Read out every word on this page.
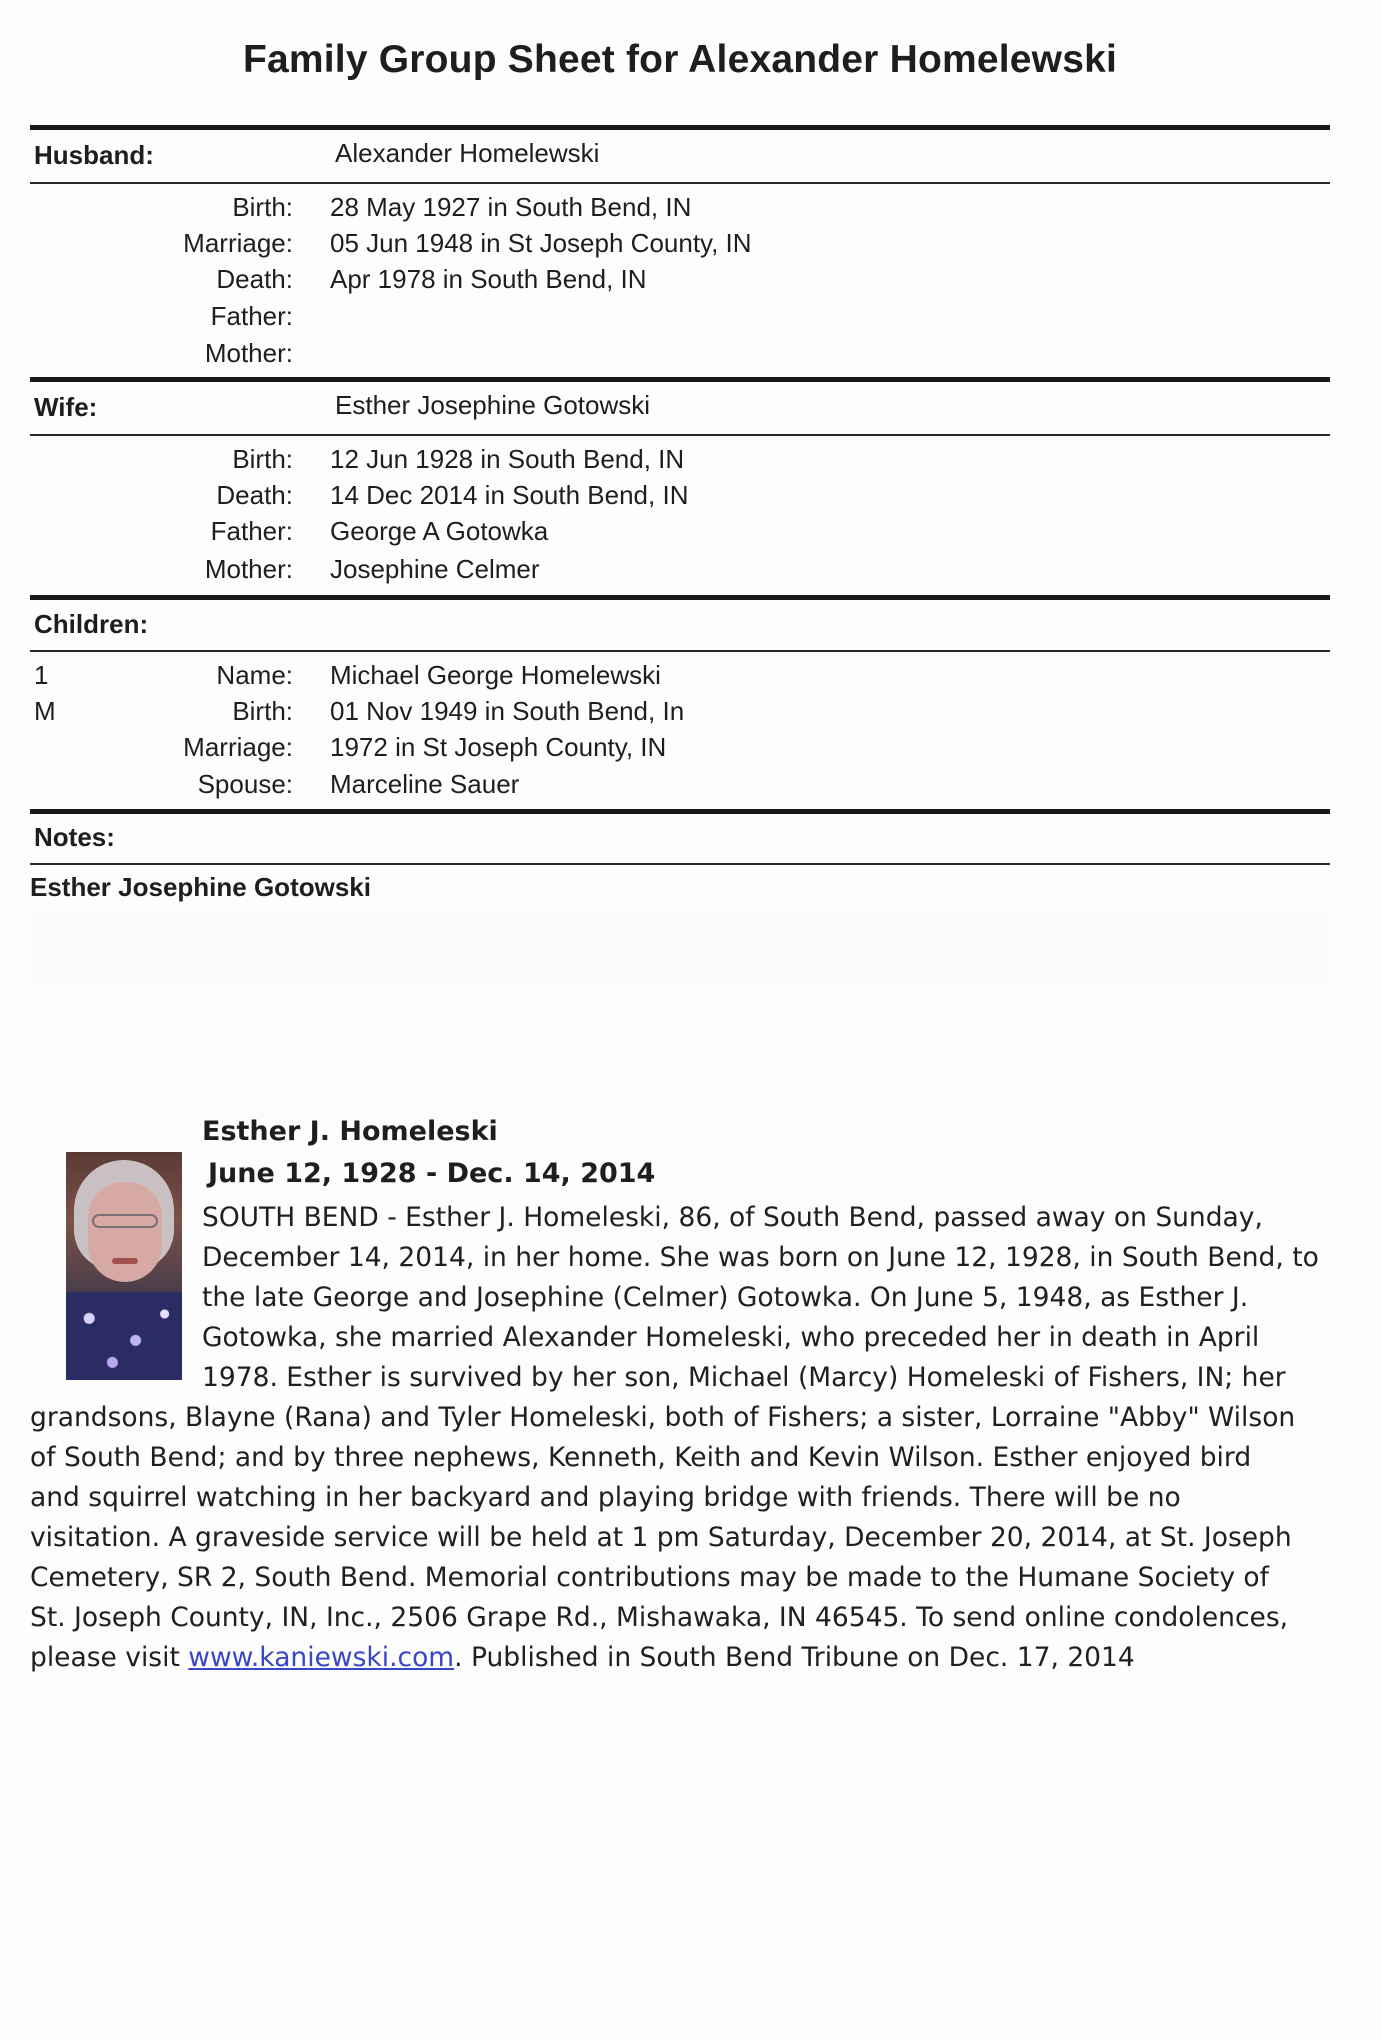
Family Group Sheet for Alexander Homelewski
Husband:	Alexander Homelewski
Birth: 28 May 1927 in South Bend, IN
Marriage: 05 Jun 1948 in St Joseph County, IN
Death: Apr 1978 in South Bend, IN
Father:
Mother:
Wife:	Esther Josephine Gotowski
Birth: 12 Jun 1928 in South Bend, IN
Death: 14 Dec 2014 in South Bend, IN
Father: George A Gotowka
Mother: Josephine Celmer
Children:
1
M
Name: Michael George Homelewski
Birth: 01 Nov 1949 in South Bend, In
Marriage: 1972 in St Joseph County, IN
Spouse: Marceline Sauer
Notes:
Esther Josephine Gotowski
Esther J. Homeleski
June 12, 1928 - Dec. 14, 2014
SOUTH BEND - Esther J. Homeleski, 86, of South Bend, passed away on Sunday,
December 14, 2014, in her home. She was born on June 12, 1928, in South Bend, to
the late George and Josephine (Celmer) Gotowka. On June 5, 1948, as Esther J.
Gotowka, she married Alexander Homeleski, who preceded her in death in April
1978. Esther is survived by her son, Michael (Marcy) Homeleski of Fishers, IN; her
grandsons, Blayne (Rana) and Tyler Homeleski, both of Fishers; a sister, Lorraine "Abby" Wilson
of South Bend; and by three nephews, Kenneth, Keith and Kevin Wilson. Esther enjoyed bird
and squirrel watching in her backyard and playing bridge with friends. There will be no
visitation. A graveside service will be held at 1 pm Saturday, December 20, 2014, at St. Joseph
Cemetery, SR 2, South Bend. Memorial contributions may be made to the Humane Society of
St. Joseph County, IN, Inc., 2506 Grape Rd., Mishawaka, IN 46545. To send online condolences,
please visit www.kaniewski.com. Published in South Bend Tribune on Dec. 17, 2014
